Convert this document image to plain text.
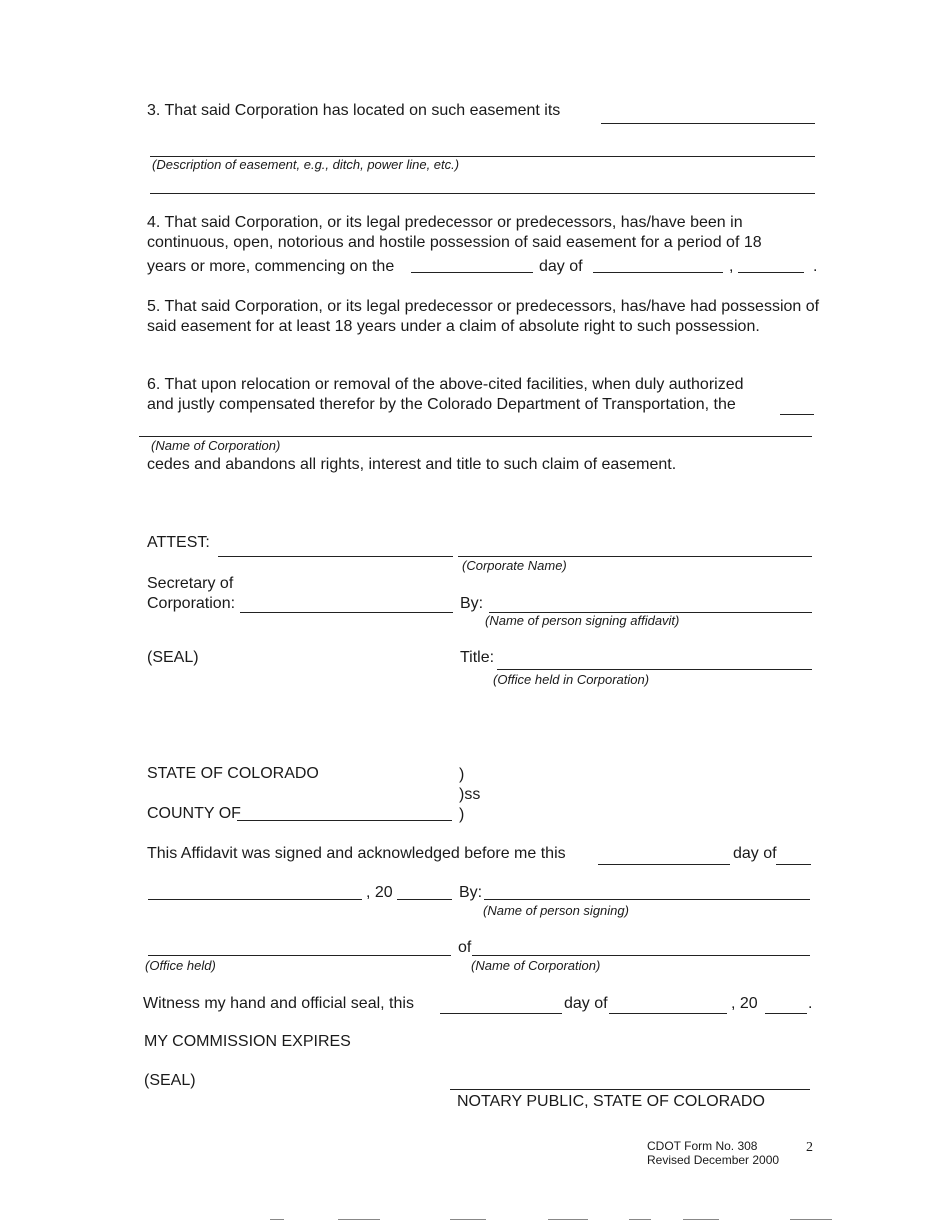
3. That said Corporation has located on such easement its
(Description of easement, e.g., ditch, power line, etc.)
4. That said Corporation, or its legal predecessor or predecessors, has/have been in continuous, open, notorious and hostile possession of said easement for a period of 18
years or more, commencing on the	day of	,	.
5. That said Corporation, or its legal predecessor or predecessors, has/have had possession of said easement for at least 18 years under a claim of absolute right to such possession.
6. That upon relocation or removal of the above-cited facilities, when duly authorized
and justly compensated therefor by the Colorado Department of Transportation, the
(Name of Corporation)
cedes and abandons all rights, interest and title to such claim of easement.
ATTEST:
(Corporate Name)
Secretary of
Corporation:	By:
(Name of person signing affidavit)
(SEAL)	Title:
(Office held in Corporation)
STATE OF COLORADO	)
)ss
COUNTY OF	)
This Affidavit was signed and acknowledged before me this	day of
, 20	By:
(Name of person signing)
of
(Office held)	(Name of Corporation)
Witness my hand and official seal, this	day of	, 20	.
MY COMMISSION EXPIRES
(SEAL)
NOTARY PUBLIC, STATE OF COLORADO
CDOT Form No. 308
Revised December 2000
2
